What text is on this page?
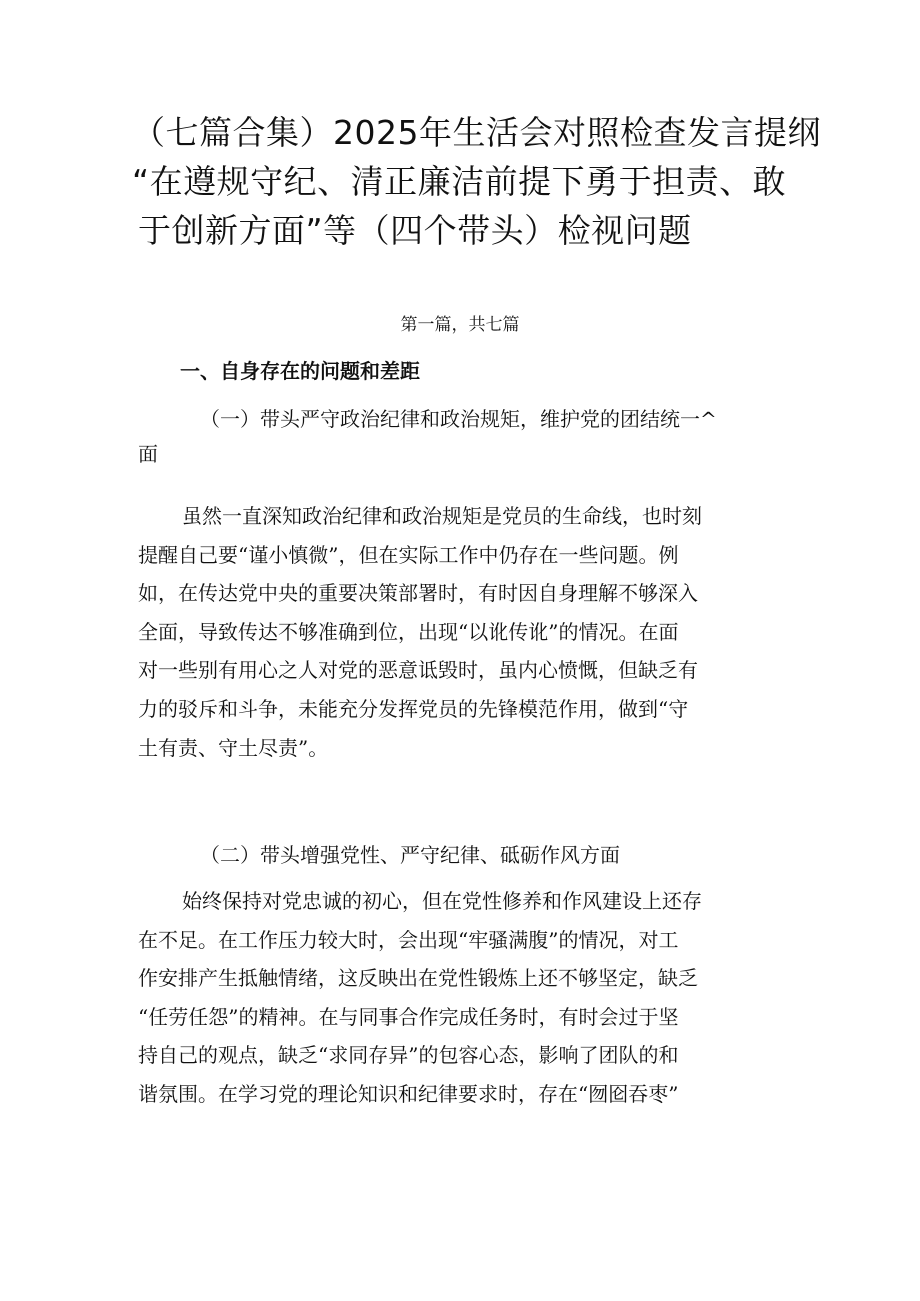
（七篇合集）2025年生活会对照检查发言提纲
“在遵规守纪、清正廉洁前提下勇于担责、敢
于创新方面”等（四个带头）检视问题
第一篇，共七篇
一、自身存在的问题和差距
（一）带头严守政治纪律和政治规矩，维护党的团结统一^
面
虽然一直深知政治纪律和政治规矩是党员的生命线，也时刻
提醒自己要“谨小慎微”，但在实际工作中仍存在一些问题。例
如，在传达党中央的重要决策部署时，有时因自身理解不够深入
全面，导致传达不够准确到位，出现“以讹传讹”的情况。在面
对一些别有用心之人对党的恶意诋毁时，虽内心愤慨，但缺乏有
力的驳斥和斗争，未能充分发挥党员的先锋模范作用，做到“守
土有责、守土尽责”。
（二）带头增强党性、严守纪律、砥砺作风方面
始终保持对党忠诚的初心，但在党性修养和作风建设上还存
在不足。在工作压力较大时，会出现“牢骚满腹”的情况，对工
作安排产生抵触情绪，这反映出在党性锻炼上还不够坚定，缺乏
“任劳任怨”的精神。在与同事合作完成任务时，有时会过于坚
持自己的观点，缺乏“求同存异”的包容心态，影响了团队的和
谐氛围。在学习党的理论知识和纪律要求时，存在“囫囵吞枣”
